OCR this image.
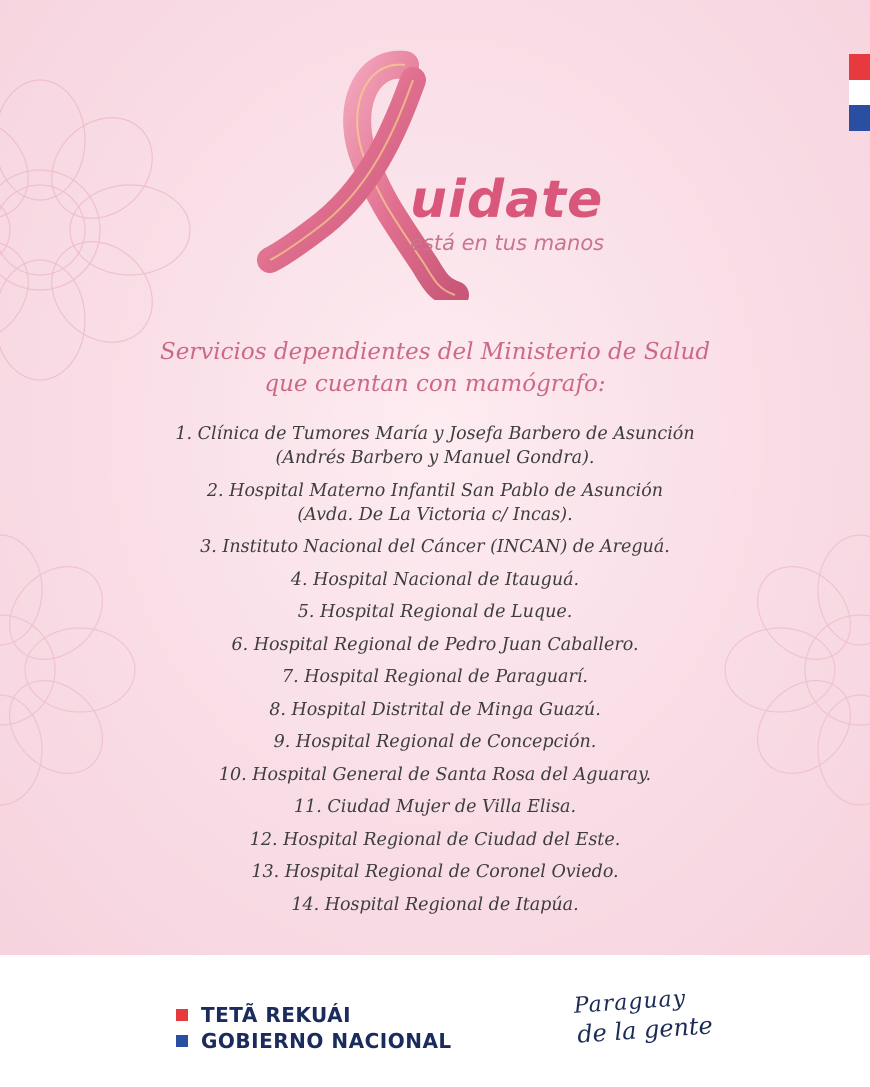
uidate
está en tus manos
Servicios dependientes del Ministerio de Salud
que cuentan con mamógrafo:
1. Clínica de Tumores María y Josefa Barbero de Asunción
(Andrés Barbero y Manuel Gondra).
2. Hospital Materno Infantil San Pablo de Asunción
(Avda. De La Victoria c/ Incas).
3. Instituto Nacional del Cáncer (INCAN) de Areguá.
4. Hospital Nacional de Itauguá.
5. Hospital Regional de Luque.
6. Hospital Regional de Pedro Juan Caballero.
7. Hospital Regional de Paraguarí.
8. Hospital Distrital de Minga Guazú.
9. Hospital Regional de Concepción.
10. Hospital General de Santa Rosa del Aguaray.
11. Ciudad Mujer de Villa Elisa.
12. Hospital Regional de Ciudad del Este.
13. Hospital Regional de Coronel Oviedo.
14. Hospital Regional de Itapúa.
TETÃ REKUÁI
GOBIERNO NACIONAL
Paraguay
de la gente
